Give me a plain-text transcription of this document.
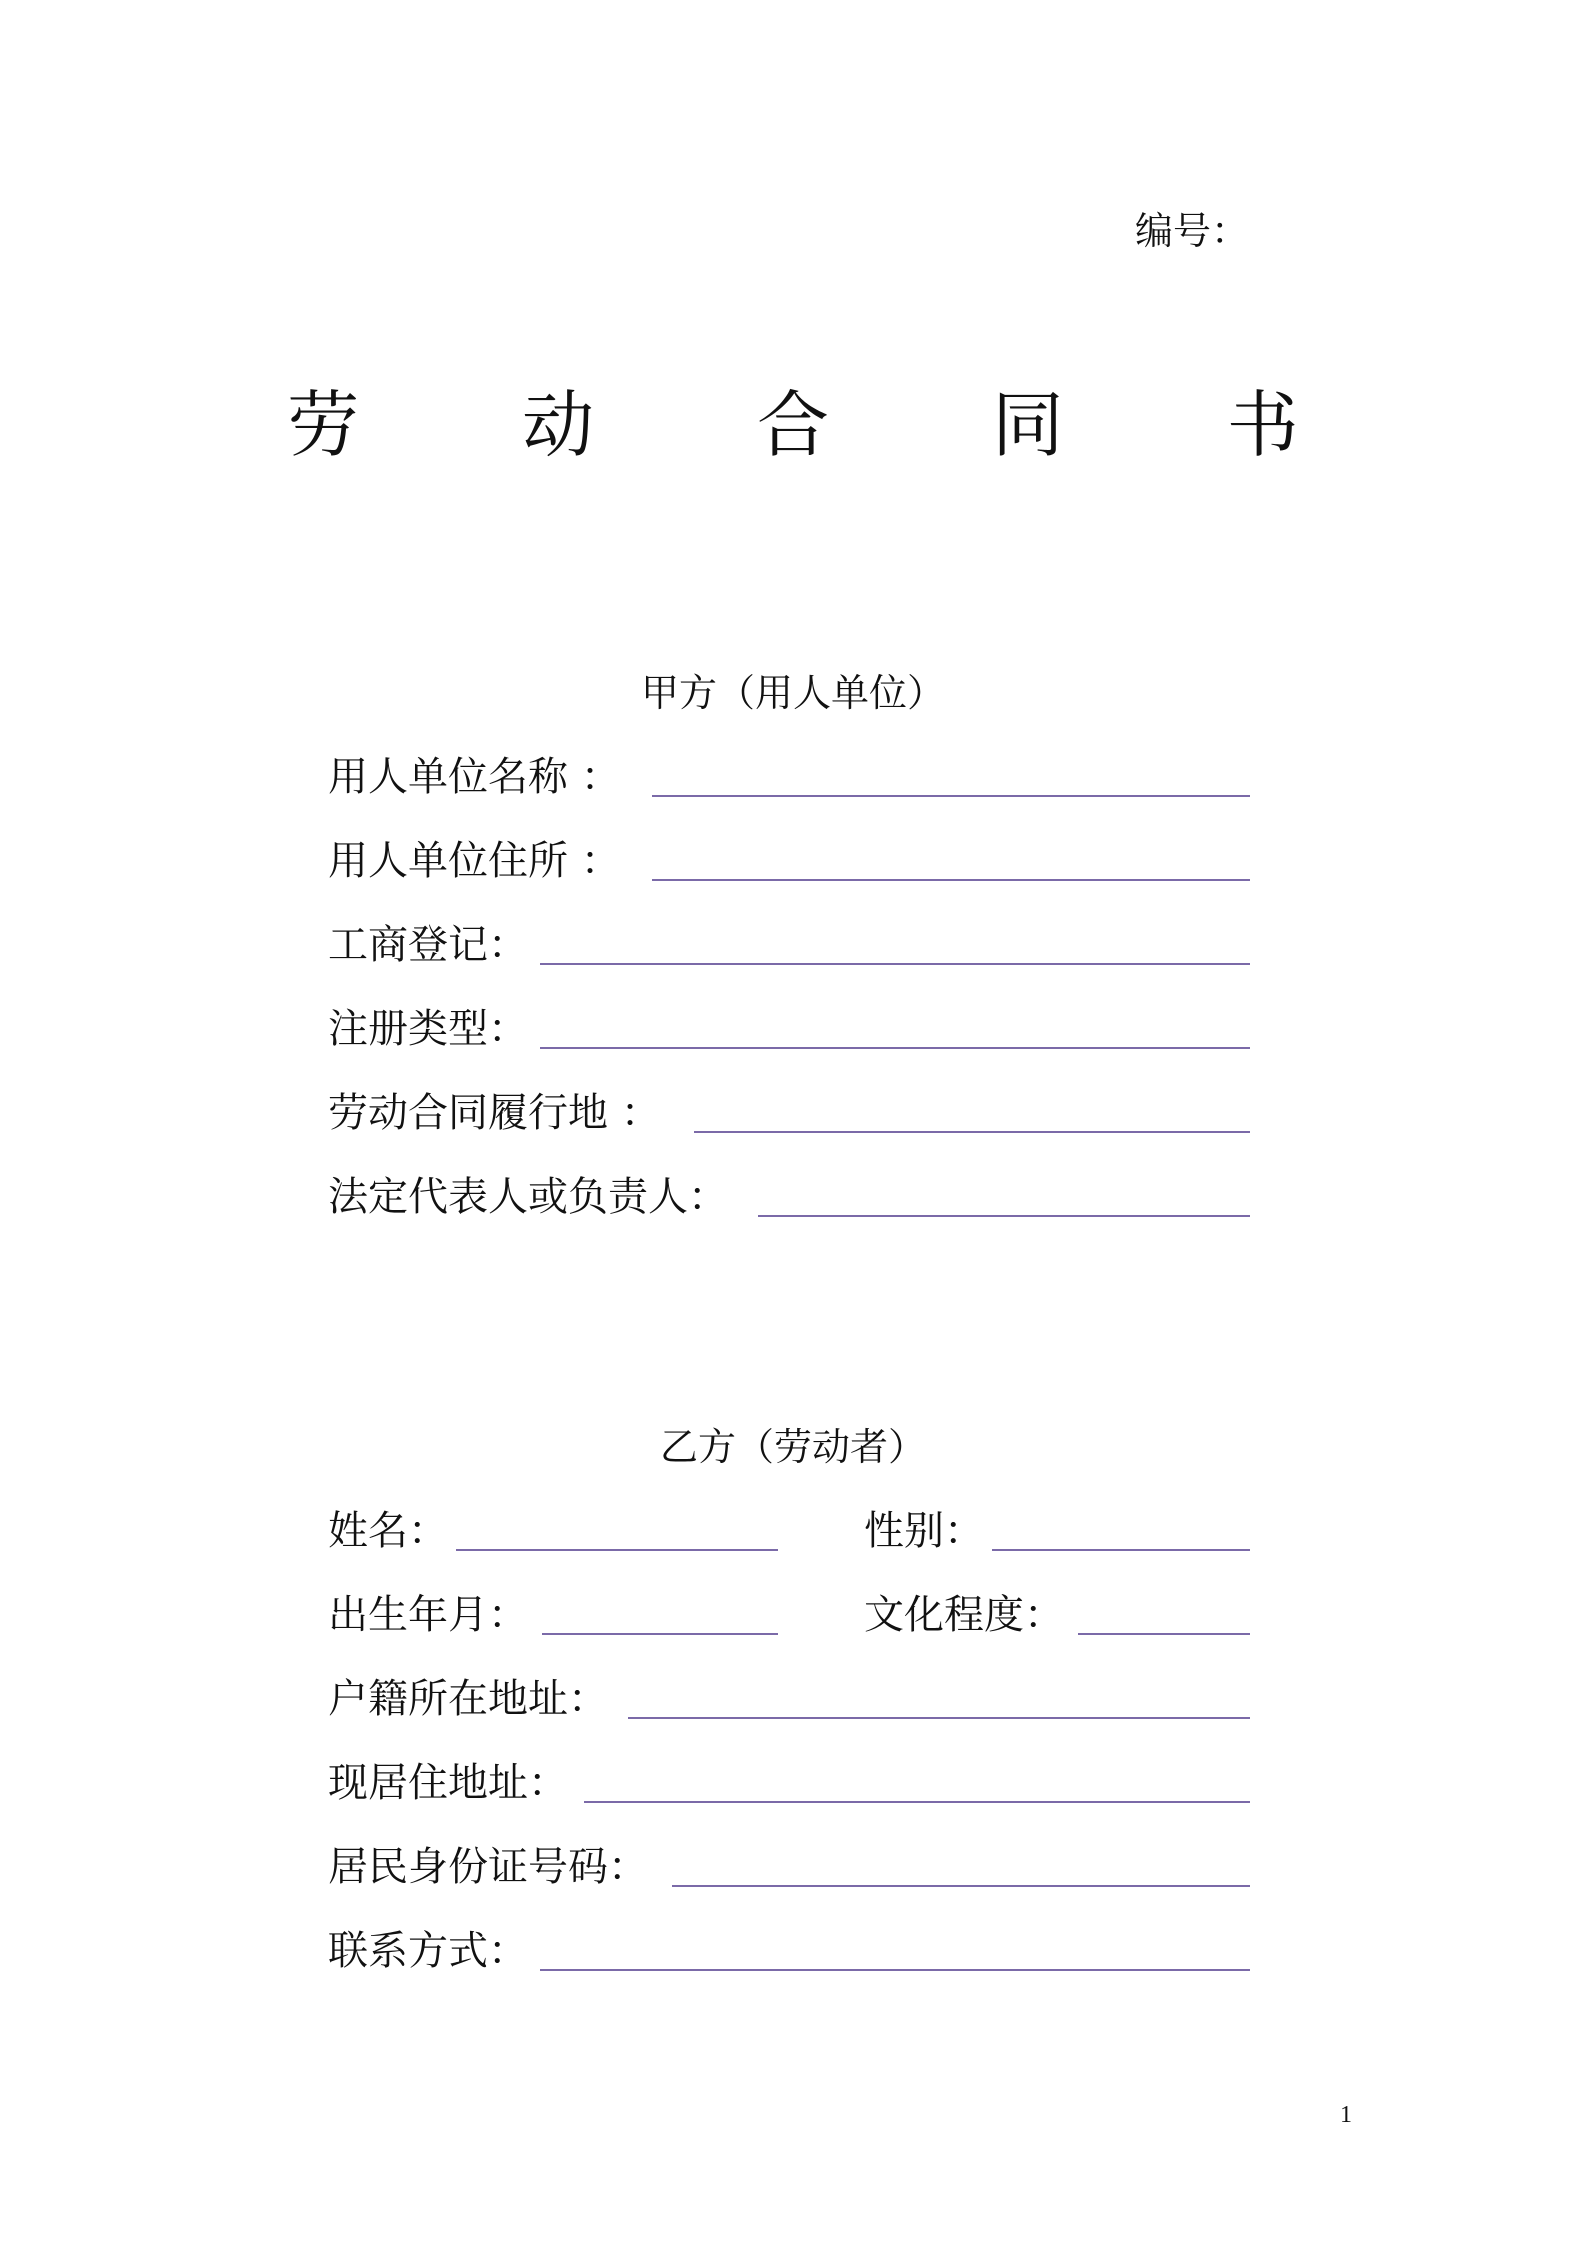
编号：
劳 动 合 同 书
甲方（用人单位）
用人单位名称 ：
用人单位住所 ：
工商登记：
注册类型：
劳动合同履行地 ：
法定代表人或负责人：
乙方（劳动者）
姓名：	性别：
出生年月：	文化程度：
户籍所在地址：
现居住地址：
居民身份证号码：
联系方式：
1
